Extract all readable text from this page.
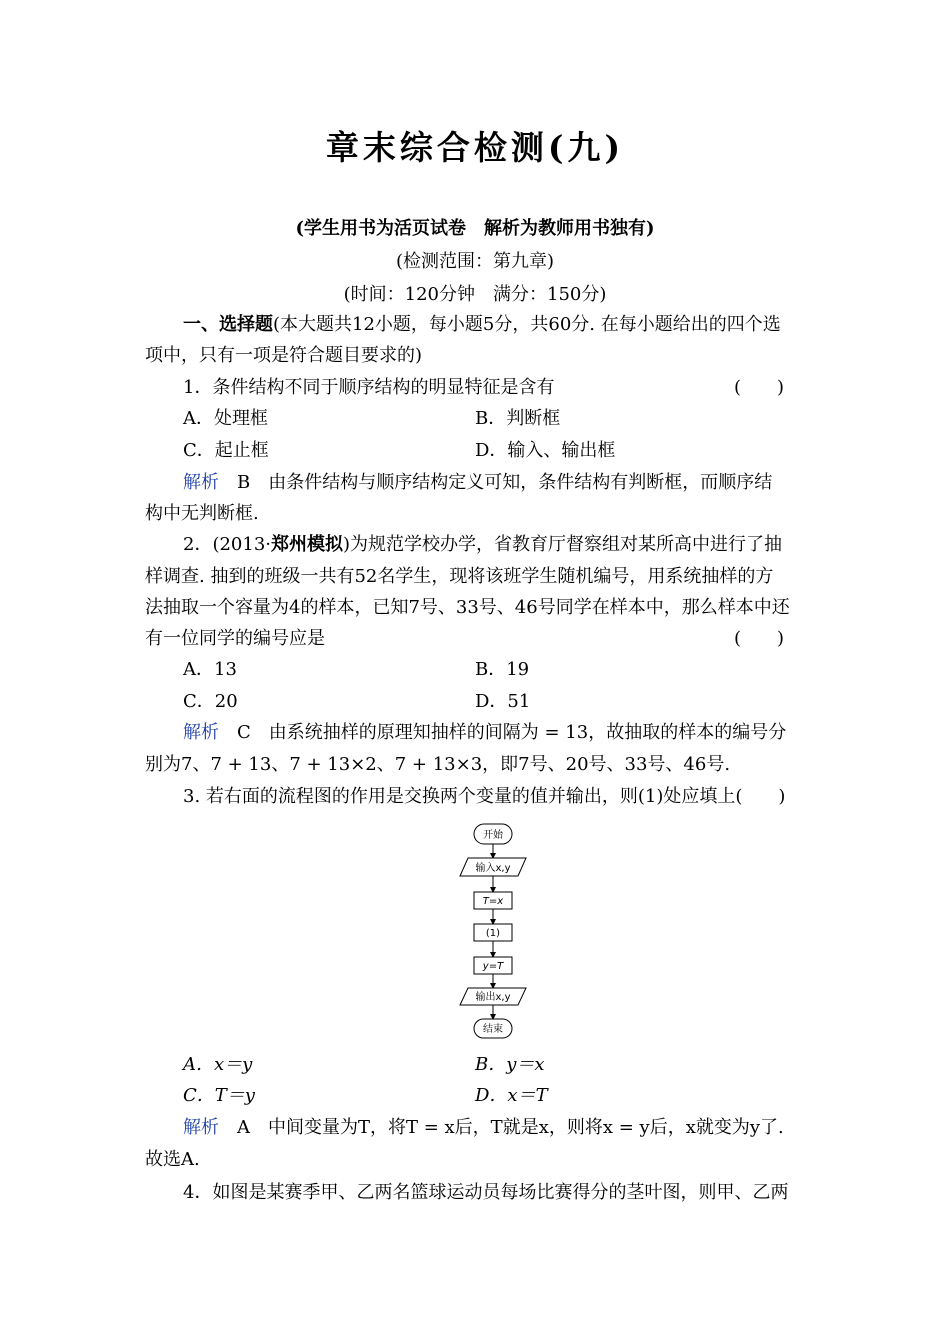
章末综合检测(九)
(学生用书为活页试卷　解析为教师用书独有)
(检测范围：第九章)
(时间：120分钟　满分：150分)
一、选择题(本大题共12小题，每小题5分，共60分. 在每小题给出的四个选
项中，只有一项是符合题目要求的)
1．条件结构不同于顺序结构的明显特征是含有	(　　)
A．处理框	B．判断框
C．起止框	D．输入、输出框
解析　 B　由条件结构与顺序结构定义可知，条件结构有判断框，而顺序结
构中无判断框.
2．(2013·郑州模拟)为规范学校办学，省教育厅督察组对某所高中进行了抽
样调查. 抽到的班级一共有52名学生，现将该班学生随机编号，用系统抽样的方
法抽取一个容量为4的样本，已知7号、33号、46号同学在样本中，那么样本中还
有一位同学的编号应是	(　　)
A．13	B．19
C．20	D．51
解析　 C　由系统抽样的原理知抽样的间隔为 = 13，故抽取的样本的编号分
别为7、7 + 13、7 + 13×2、7 + 13×3，即7号、20号、33号、46号.
3. 若右面的流程图的作用是交换两个变量的值并输出，则(1)处应填上(　　)
开始
输入x,y
T=x
(1)
y=T
输出x,y
结束
A．x＝y	B．y＝x
C．T＝y	D．x＝T
解析　 A　中间变量为T，将T = x后，T就是x，则将x = y后，x就变为y了.
故选A.
4．如图是某赛季甲、乙两名篮球运动员每场比赛得分的茎叶图，则甲、乙两
